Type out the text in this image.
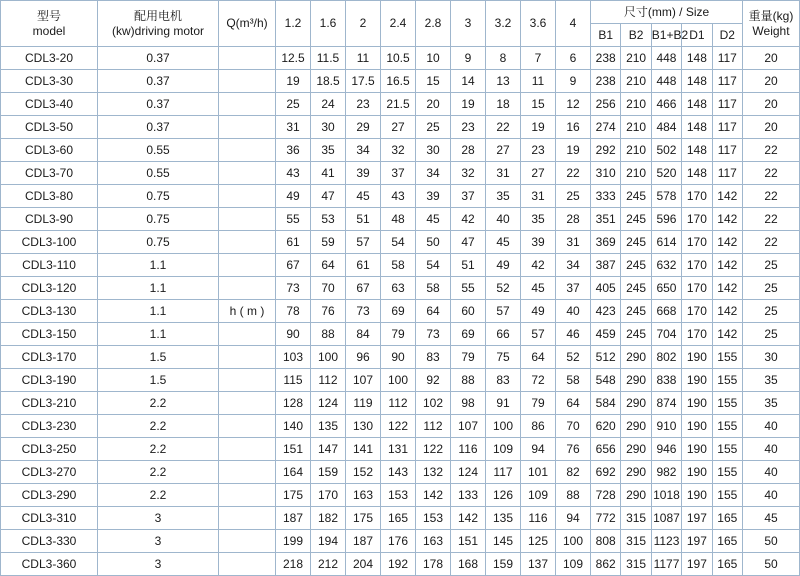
型号
model	配用电机
(kw)driving motor	Q(m³/h)	1.2	1.6	2	2.4	2.8	3	3.2	3.6	4	尺寸(mm) / Size					重量(kg)
Weight

												B1	B2	B1+B2	D1	D2	
CDL3-20	0.37		12.5	11.5	11	10.5	10	9	8	7	6	238	210	448	148	117	20
CDL3-30	0.37		19	18.5	17.5	16.5	15	14	13	11	9	238	210	448	148	117	20
CDL3-40	0.37		25	24	23	21.5	20	19	18	15	12	256	210	466	148	117	20
CDL3-50	0.37		31	30	29	27	25	23	22	19	16	274	210	484	148	117	20
CDL3-60	0.55		36	35	34	32	30	28	27	23	19	292	210	502	148	117	22
CDL3-70	0.55		43	41	39	37	34	32	31	27	22	310	210	520	148	117	22
CDL3-80	0.75		49	47	45	43	39	37	35	31	25	333	245	578	170	142	22
CDL3-90	0.75		55	53	51	48	45	42	40	35	28	351	245	596	170	142	22
CDL3-100	0.75		61	59	57	54	50	47	45	39	31	369	245	614	170	142	22
CDL3-110	1.1		67	64	61	58	54	51	49	42	34	387	245	632	170	142	25
CDL3-120	1.1		73	70	67	63	58	55	52	45	37	405	245	650	170	142	25
CDL3-130	1.1	h ( m )	78	76	73	69	64	60	57	49	40	423	245	668	170	142	25
CDL3-150	1.1		90	88	84	79	73	69	66	57	46	459	245	704	170	142	25
CDL3-170	1.5		103	100	96	90	83	79	75	64	52	512	290	802	190	155	30
CDL3-190	1.5		115	112	107	100	92	88	83	72	58	548	290	838	190	155	35
CDL3-210	2.2		128	124	119	112	102	98	91	79	64	584	290	874	190	155	35
CDL3-230	2.2		140	135	130	122	112	107	100	86	70	620	290	910	190	155	40
CDL3-250	2.2		151	147	141	131	122	116	109	94	76	656	290	946	190	155	40
CDL3-270	2.2		164	159	152	143	132	124	117	101	82	692	290	982	190	155	40
CDL3-290	2.2		175	170	163	153	142	133	126	109	88	728	290	1018	190	155	40
CDL3-310	3		187	182	175	165	153	142	135	116	94	772	315	1087	197	165	45
CDL3-330	3		199	194	187	176	163	151	145	125	100	808	315	1123	197	165	50
CDL3-360	3		218	212	204	192	178	168	159	137	109	862	315	1177	197	165	50
